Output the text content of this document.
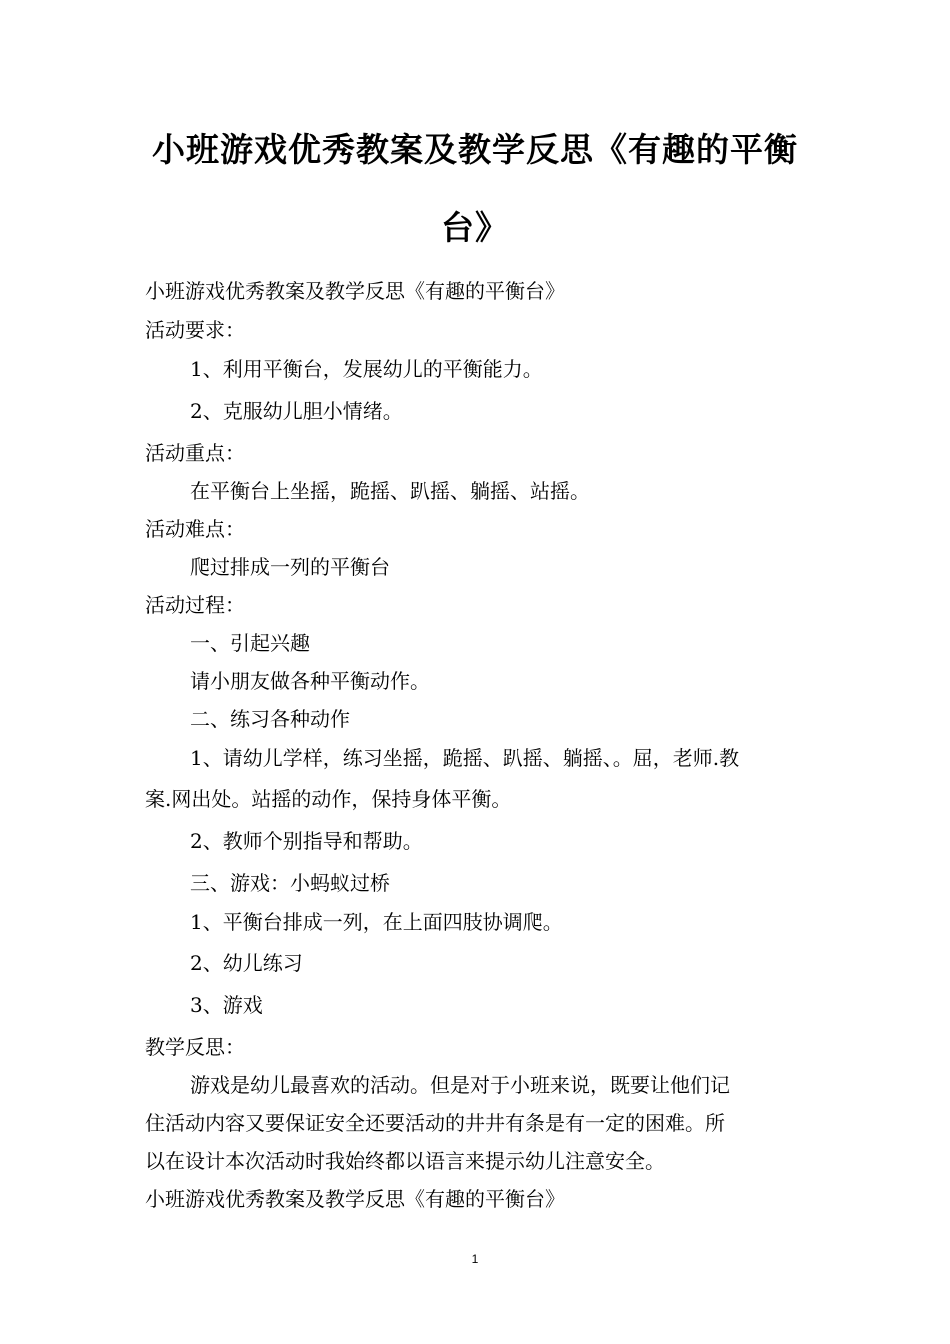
小班游戏优秀教案及教学反思《有趣的平衡
台》

小班游戏优秀教案及教学反思《有趣的平衡台》

活动要求：

1、利用平衡台，发展幼儿的平衡能力。

2、克服幼儿胆小情绪。

活动重点：

在平衡台上坐摇，跪摇、趴摇、躺摇、站摇。

活动难点：

爬过排成一列的平衡台

活动过程：

一、引起兴趣

请小朋友做各种平衡动作。

二、练习各种动作

1、请幼儿学样，练习坐摇，跪摇、趴摇、躺摇、。屈，老师.教

案.网出处。站摇的动作，保持身体平衡。

2、教师个别指导和帮助。

三、游戏：小蚂蚁过桥

1、平衡台排成一列，在上面四肢协调爬。

2、幼儿练习

3、游戏

教学反思：

游戏是幼儿最喜欢的活动。但是对于小班来说，既要让他们记

住活动内容又要保证安全还要活动的井井有条是有一定的困难。所

以在设计本次活动时我始终都以语言来提示幼儿注意安全。

小班游戏优秀教案及教学反思《有趣的平衡台》

1
